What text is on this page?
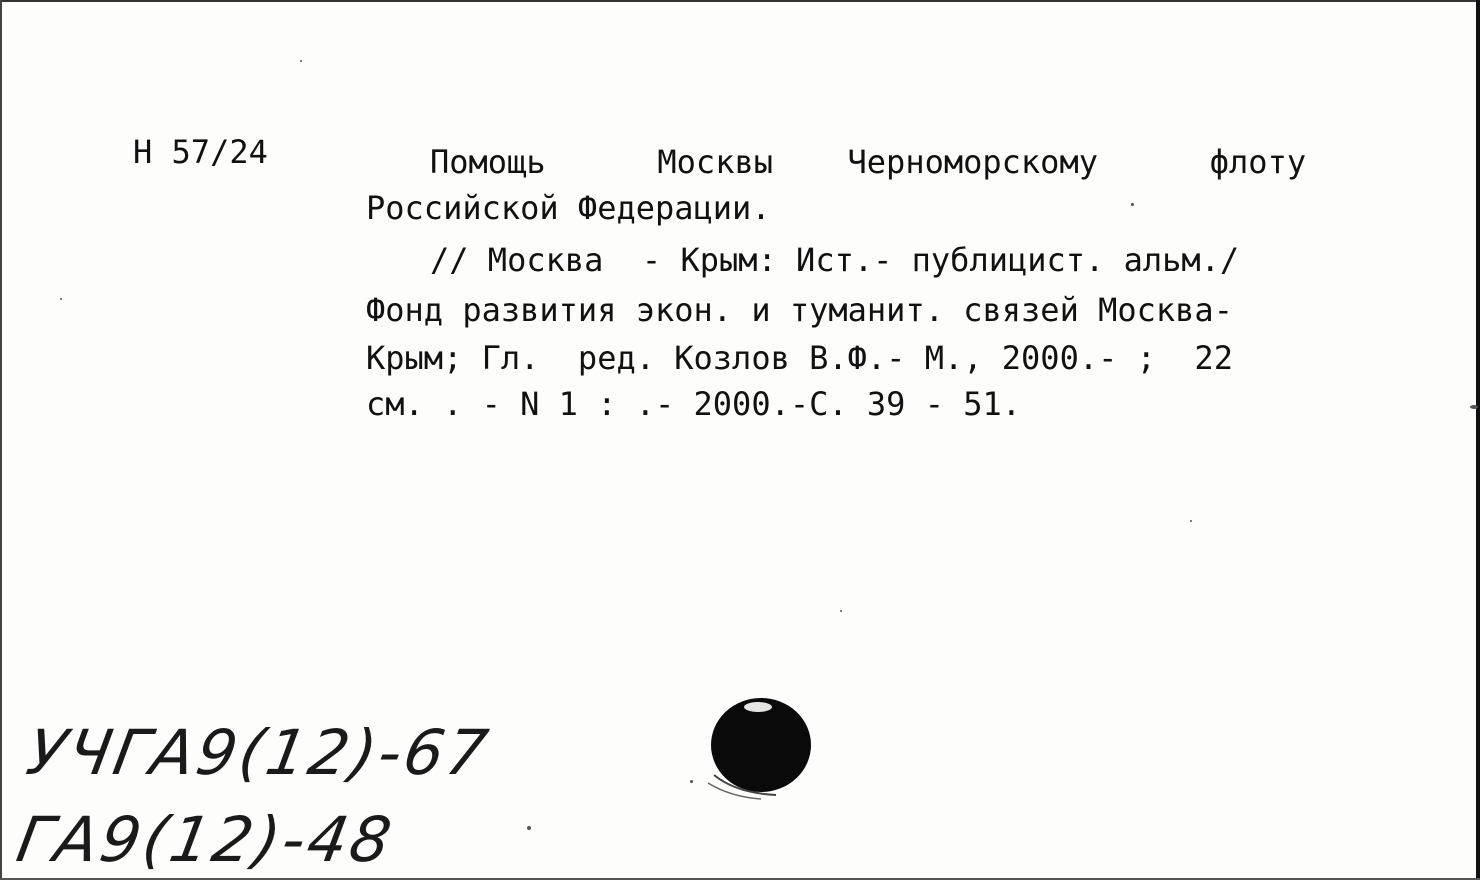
Н 57/24	Помощь   Москвы  Черноморскому   флоту
Российской Федерации.
// Москва  - Крым: Ист.- публицист. альм./
Фонд развития экон. и туманит. связей Москва-
Крым; Гл.  ред. Козлов В.Ф.- М., 2000.- ;  22
см. . - N 1 : .- 2000.-С. 39 - 51.
УЧГА9(12)-67
ГА9(12)-48
